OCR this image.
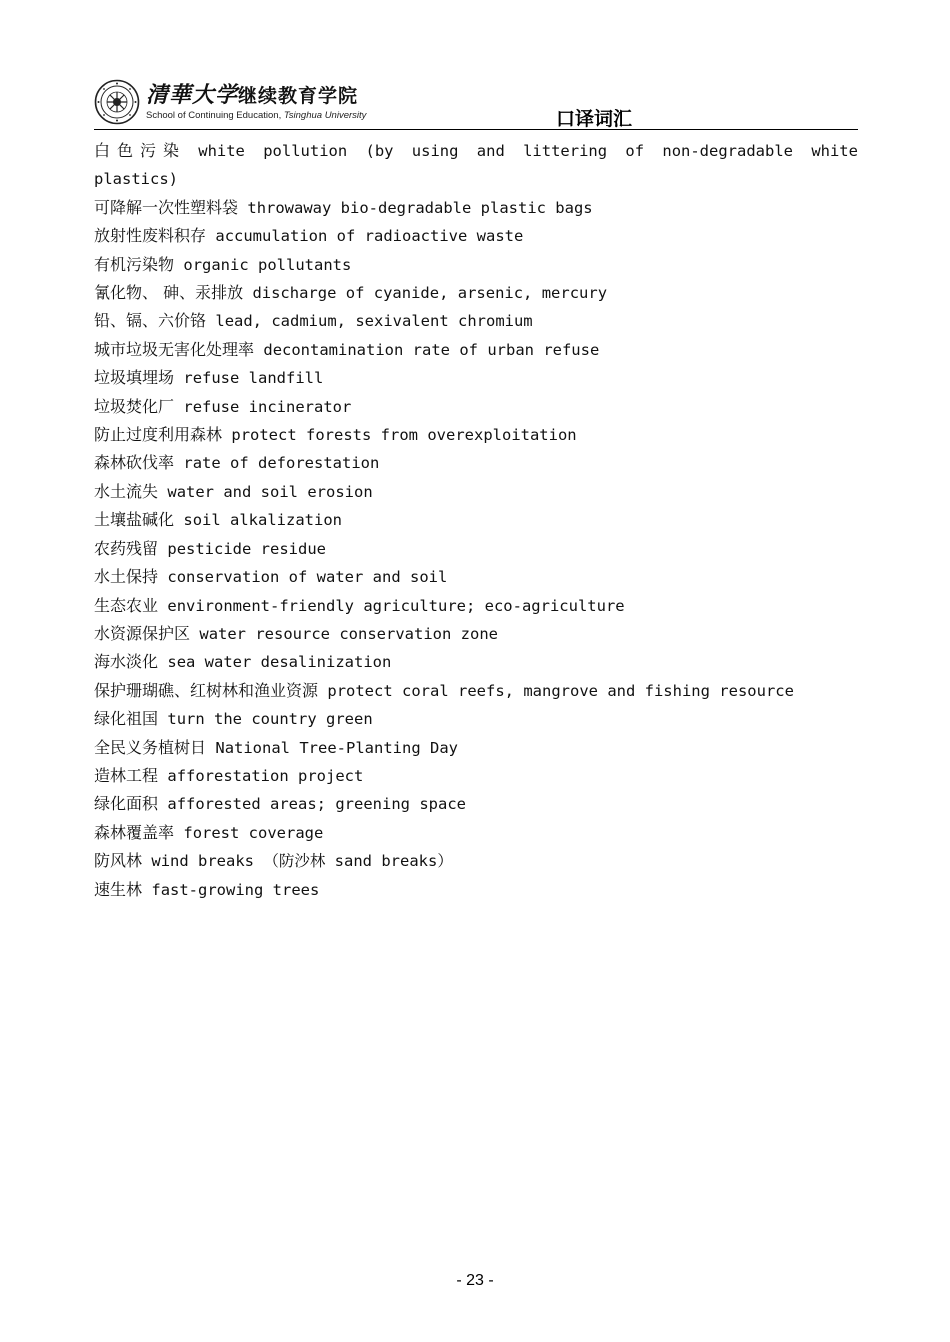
清華大学继续教育学院
School of Continuing Education, Tsinghua University	口译词汇
白色污染 white pollution (by using and littering of non-degradable white plastics)
可降解一次性塑料袋 throwaway bio-degradable plastic bags
放射性废料积存 accumulation of radioactive waste
有机污染物 organic pollutants
氰化物、 砷、汞排放 discharge of cyanide, arsenic, mercury
铅、镉、六价铬 lead, cadmium, sexivalent chromium
城市垃圾无害化处理率 decontamination rate of urban refuse
垃圾填埋场 refuse landfill
垃圾焚化厂 refuse incinerator
防止过度利用森林 protect forests from overexploitation
森林砍伐率 rate of deforestation
水土流失 water and soil erosion
土壤盐碱化 soil alkalization
农药残留 pesticide residue
水土保持 conservation of water and soil
生态农业 environment-friendly agriculture; eco-agriculture
水资源保护区 water resource conservation zone
海水淡化 sea water desalinization
保护珊瑚礁、红树林和渔业资源 protect coral reefs, mangrove and fishing resource
绿化祖国 turn the country green
全民义务植树日 National Tree-Planting Day
造林工程 afforestation project
绿化面积 afforested areas; greening space
森林覆盖率 forest coverage
防风林 wind breaks （防沙林 sand breaks）
速生林 fast-growing trees
- 23 -
